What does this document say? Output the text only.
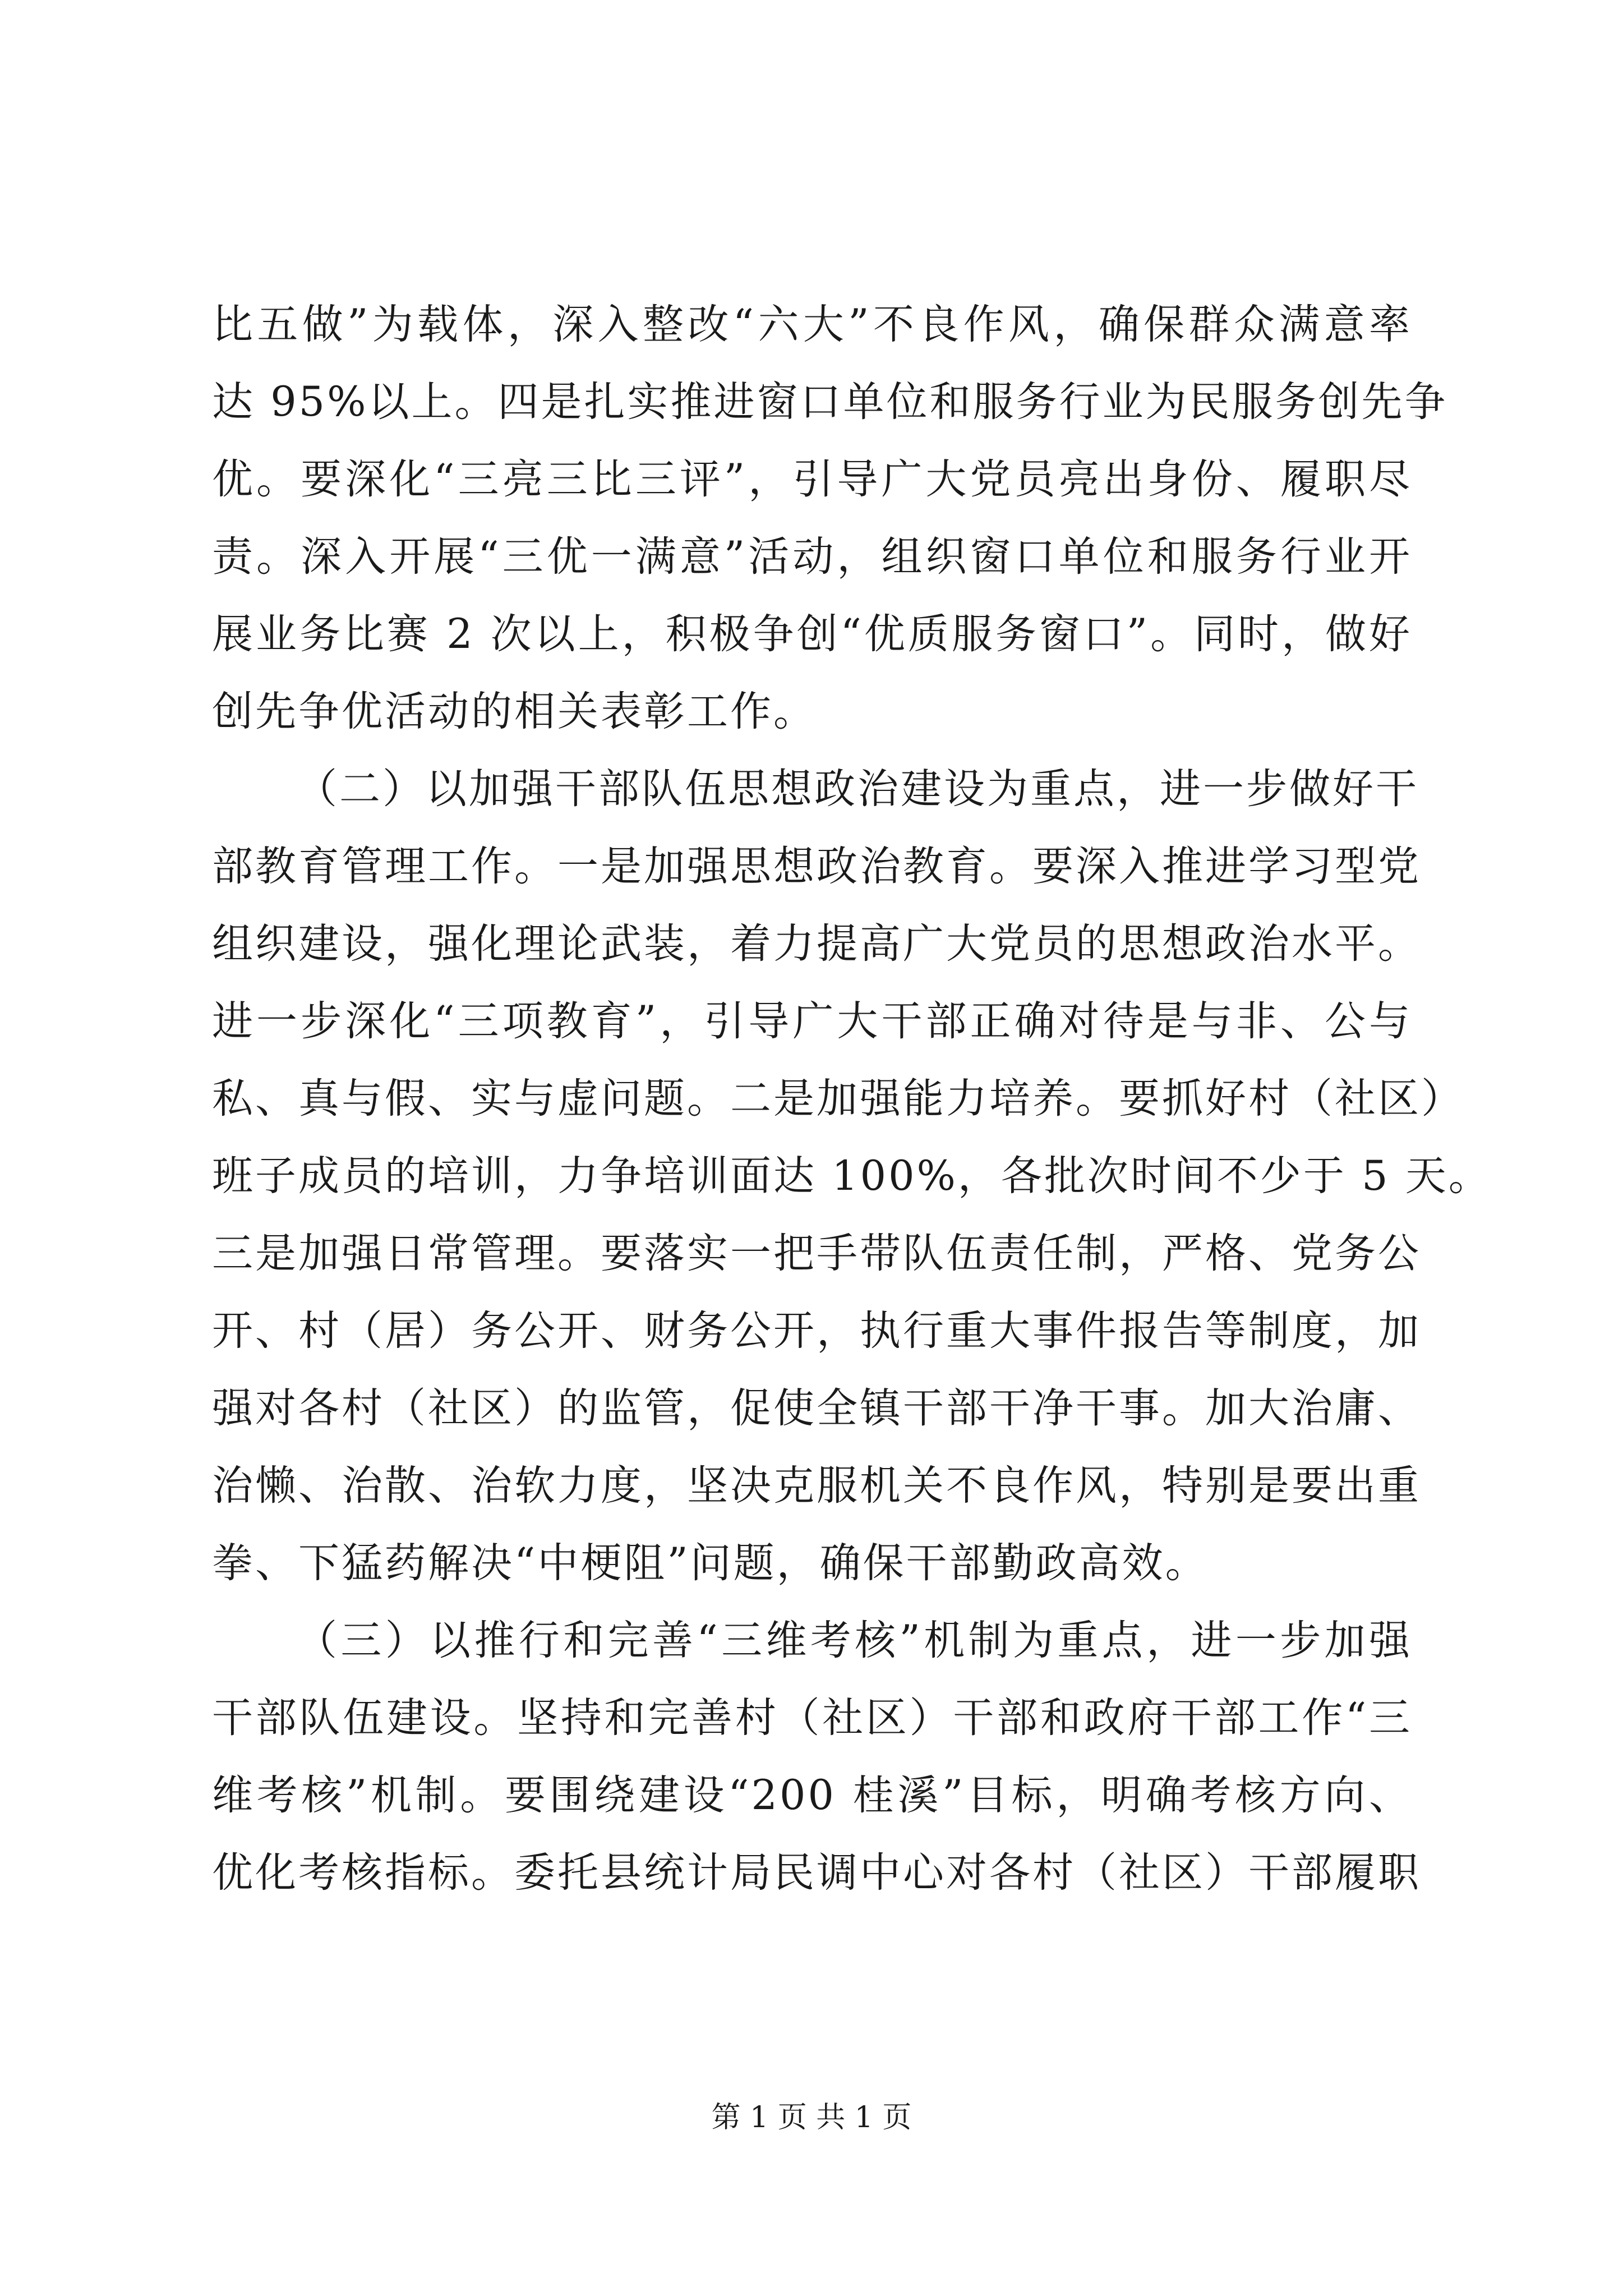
比五做”为载体，深入整改“六大”不良作风，确保群众满意率
达 95%以上。四是扎实推进窗口单位和服务行业为民服务创先争
优。要深化“三亮三比三评”，引导广大党员亮出身份、履职尽
责。深入开展“三优一满意”活动，组织窗口单位和服务行业开
展业务比赛 2 次以上，积极争创“优质服务窗口”。同时，做好
创先争优活动的相关表彰工作。
（二）以加强干部队伍思想政治建设为重点，进一步做好干
部教育管理工作。一是加强思想政治教育。要深入推进学习型党
组织建设，强化理论武装，着力提高广大党员的思想政治水平。
进一步深化“三项教育”，引导广大干部正确对待是与非、公与
私、真与假、实与虚问题。二是加强能力培养。要抓好村（社区）
班子成员的培训，力争培训面达 100%，各批次时间不少于 5 天。
三是加强日常管理。要落实一把手带队伍责任制，严格、党务公
开、村（居）务公开、财务公开，执行重大事件报告等制度，加
强对各村（社区）的监管，促使全镇干部干净干事。加大治庸、
治懒、治散、治软力度，坚决克服机关不良作风，特别是要出重
拳、下猛药解决“中梗阻”问题，确保干部勤政高效。
（三）以推行和完善“三维考核”机制为重点，进一步加强
干部队伍建设。坚持和完善村（社区）干部和政府干部工作“三
维考核”机制。要围绕建设“200 桂溪”目标，明确考核方向、
优化考核指标。委托县统计局民调中心对各村（社区）干部履职
第 1 页 共 1 页
